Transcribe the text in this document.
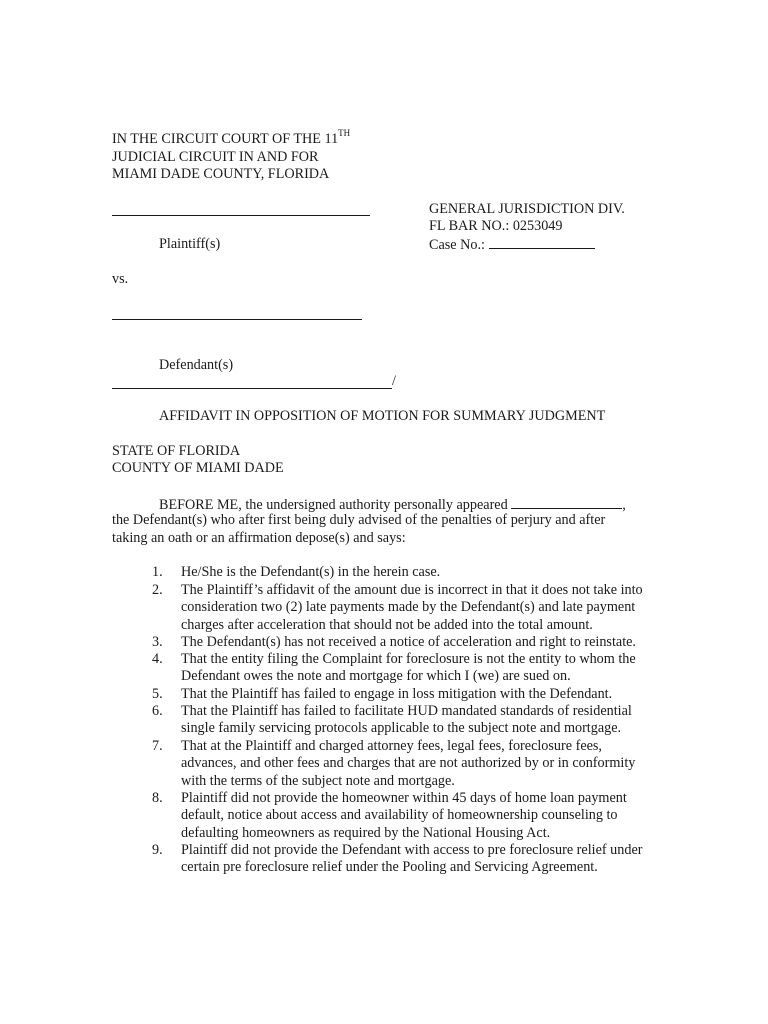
IN THE CIRCUIT COURT OF THE 11TH
JUDICIAL CIRCUIT IN AND FOR
MIAMI DADE COUNTY, FLORIDA
GENERAL JURISDICTION DIV.
FL BAR NO.: 0253049
Case No.:
Plaintiff(s)
vs.
Defendant(s)
/
AFFIDAVIT IN OPPOSITION OF MOTION FOR SUMMARY JUDGMENT
STATE OF FLORIDA
COUNTY OF MIAMI DADE
BEFORE ME, the undersigned authority personally appeared	,
the Defendant(s) who after first being duly advised of the penalties of perjury and after
taking an oath or an affirmation depose(s) and says:
1.	He/She is the Defendant(s) in the herein case.
2.	The Plaintiff’s affidavit of the amount due is incorrect in that it does not take into
consideration two (2) late payments made by the Defendant(s) and late payment
charges after acceleration that should not be added into the total amount.
3.	The Defendant(s) has not received a notice of acceleration and right to reinstate.
4.	That the entity filing the Complaint for foreclosure is not the entity to whom the
Defendant owes the note and mortgage for which I (we) are sued on.
5.	That the Plaintiff has failed to engage in loss mitigation with the Defendant.
6.	That the Plaintiff has failed to facilitate HUD mandated standards of residential
single family servicing protocols applicable to the subject note and mortgage.
7.	That at the Plaintiff and charged attorney fees, legal fees, foreclosure fees,
advances, and other fees and charges that are not authorized by or in conformity
with the terms of the subject note and mortgage.
8.	Plaintiff did not provide the homeowner within 45 days of home loan payment
default, notice about access and availability of homeownership counseling to
defaulting homeowners as required by the National Housing Act.
9.	Plaintiff did not provide the Defendant with access to pre foreclosure relief under
certain pre foreclosure relief under the Pooling and Servicing Agreement.
